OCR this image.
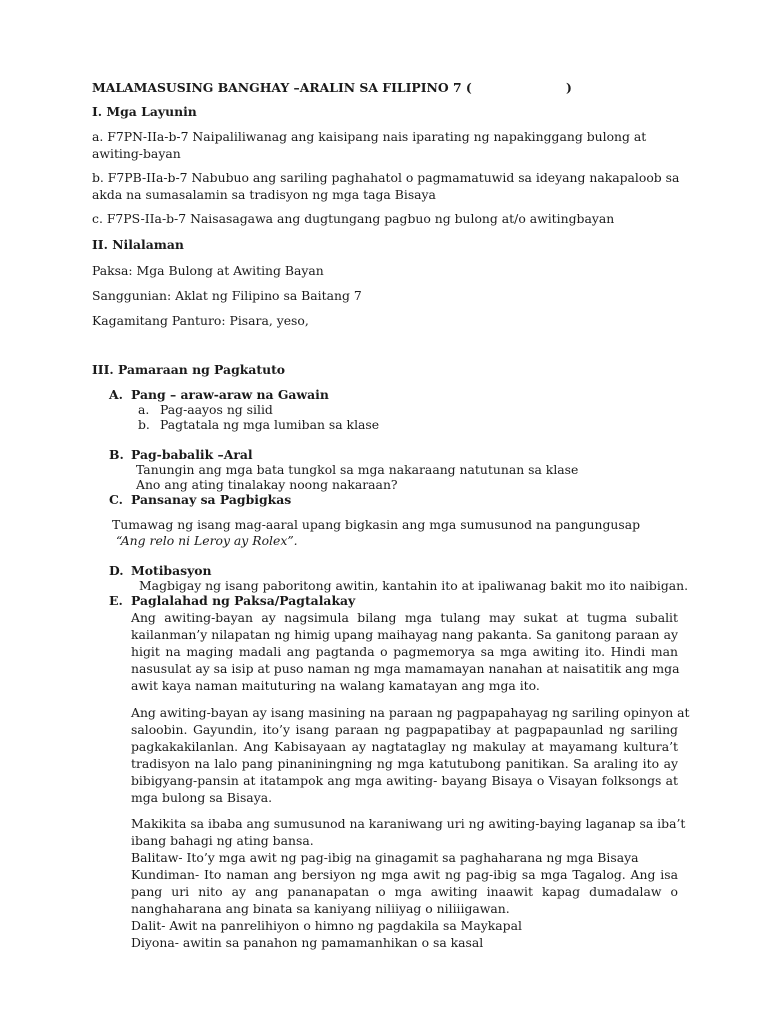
MALAMASUSING BANGHAY –ARALIN SA FILIPINO 7 (	)
I. Mga Layunin
a. F7PN-IIa-b-7 Naipaliliwanag ang kaisipang nais iparating ng napakinggang bulong at
awiting-bayan
b. F7PB-IIa-b-7 Nabubuo ang sariling paghahatol o pagmamatuwid sa ideyang nakapaloob sa
akda na sumasalamin sa tradisyon ng mga taga Bisaya
c. F7PS-IIa-b-7 Naisasagawa ang dugtungang pagbuo ng bulong at/o awitingbayan
II. Nilalaman
Paksa: Mga Bulong at Awiting Bayan
Sanggunian: Aklat ng Filipino sa Baitang 7
Kagamitang Panturo: Pisara, yeso,
III. Pamaraan ng Pagkatuto
A. Pang – araw-araw na Gawain
a. Pag-aayos ng silid
b. Pagtatala ng mga lumiban sa klase
B. Pag-babalik –Aral
Tanungin ang mga bata tungkol sa mga nakaraang natutunan sa klase
Ano ang ating tinalakay noong nakaraan?
C. Pansanay sa Pagbigkas
Tumawag ng isang mag-aaral upang bigkasin ang mga sumusunod na pangungusap
“Ang relo ni Leroy ay Rolex”.
D. Motibasyon
Magbigay ng isang paboritong awitin, kantahin ito at ipaliwanag bakit mo ito naibigan.
E. Paglalahad ng Paksa/Pagtalakay
Ang awiting-bayan ay nagsimula bilang mga tulang may sukat at tugma subalit
kailanman’y nilapatan ng himig upang maihayag nang pakanta. Sa ganitong paraan ay
higit na maging madali ang pagtanda o pagmemorya sa mga awiting ito. Hindi man
nasusulat ay sa isip at puso naman ng mga mamamayan nanahan at naisatitik ang mga
awit kaya naman maituturing na walang kamatayan ang mga ito.
Ang awiting-bayan ay isang masining na paraan ng pagpapahayag ng sariling opinyon at
saloobin. Gayundin, ito’y isang paraan ng pagpapatibay at pagpapaunlad ng sariling
pagkakakilanlan. Ang Kabisayaan ay nagtataglay ng makulay at mayamang kultura’t
tradisyon na lalo pang pinaniningning ng mga katutubong panitikan. Sa araling ito ay
bibigyang-pansin at itatampok ang mga awiting- bayang Bisaya o Visayan folksongs at
mga bulong sa Bisaya.
Makikita sa ibaba ang sumusunod na karaniwang uri ng awiting-baying laganap sa iba’t
ibang bahagi ng ating bansa.
Balitaw- Ito’y mga awit ng pag-ibig na ginagamit sa paghaharana ng mga Bisaya
Kundiman- Ito naman ang bersiyon ng mga awit ng pag-ibig sa mga Tagalog. Ang isa
pang uri nito ay ang pananapatan o mga awiting inaawit kapag dumadalaw o
nanghaharana ang binata sa kaniyang niliiyag o niliiigawan.
Dalit- Awit na panrelihiyon o himno ng pagdakila sa Maykapal
Diyona- awitin sa panahon ng pamamanhikan o sa kasal
